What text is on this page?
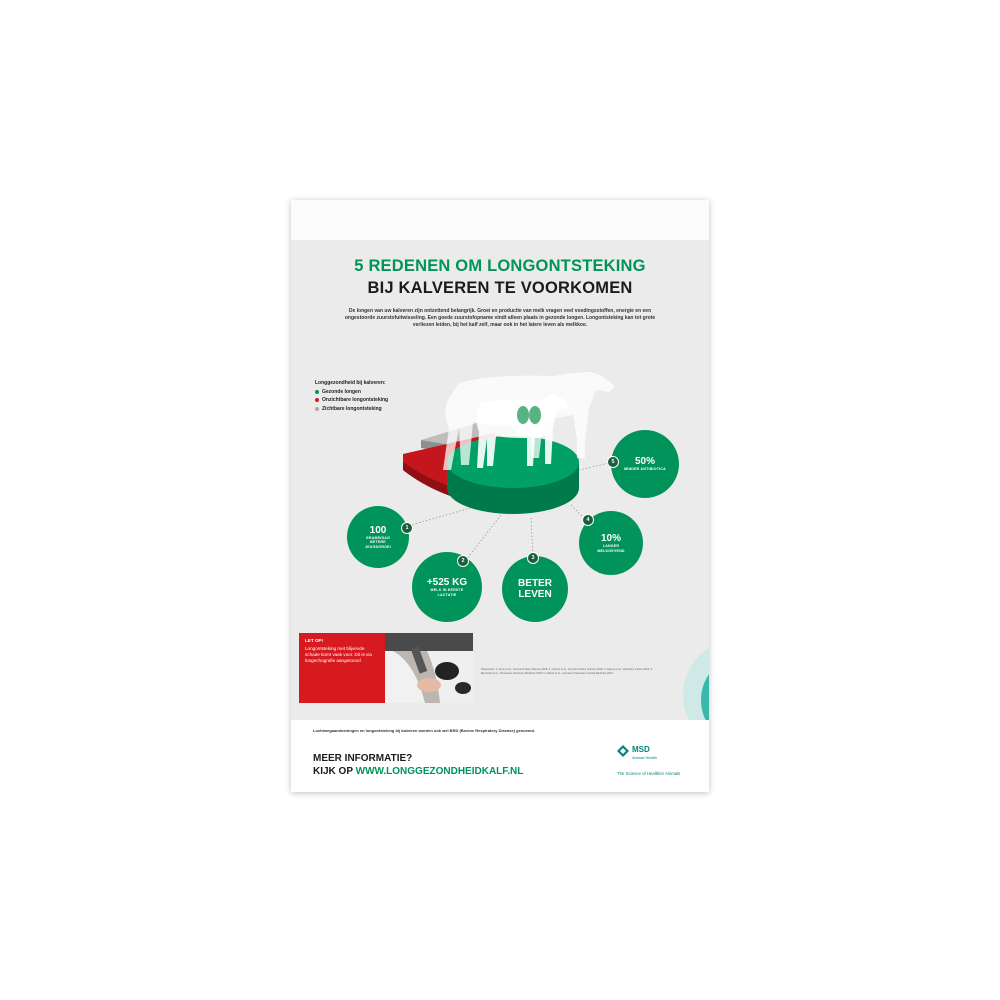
5 REDENEN OM LONGONTSTEKING
BIJ KALVEREN TE VOORKOMEN
De longen van uw kalveren zijn ontzettend belangrijk. Groei en productie van melk vragen veel voedingsstoffen, energie en een ongestoorde zuurstofuitwisseling. Een goede zuurstofopname vindt alleen plaats in gezonde longen. Longontsteking kan tot grote verliezen leiden, bij het kalf zelf, maar ook in het latere leven als melkkoe.
Longgezondheid bij kalveren:
Gezonde longen
Onzichtbare longontsteking
Zichtbare longontsteking
100
GRAMS/DAG BETERE JEUGDGROEI
1
+525 KG
MELK IN EERSTE LACTATIE
2
BETER LEVEN
3
10%
LANGER MELKGEVEND
4
50%
MINDER ANTIBIOTICA
5
LET OP!
Longontsteking met blijvende schade komt vaak voor. Dit is via longechografie aangetoond
Referenties: 1. Dunn et al., Journal of Dairy Science 2018; 2. Cramer et al., Journal of Dairy Science 2020; 3. Adams et al., Veterinary Clinics 2019; 4. Buczinski et al., Preventive Veterinary Medicine 2018; 5. Ollivett et al., Journal of Veterinary Internal Medicine 2015.
Luchtwegaandoeningen en longontsteking bij kalveren worden ook wel BRD (Bovine Respiratory Disease) genoemd.
MEER INFORMATIE?
KIJK OP WWW.LONGGEZONDHEIDKALF.NL
MSD
Animal Health
The Science of Healthier Animals
